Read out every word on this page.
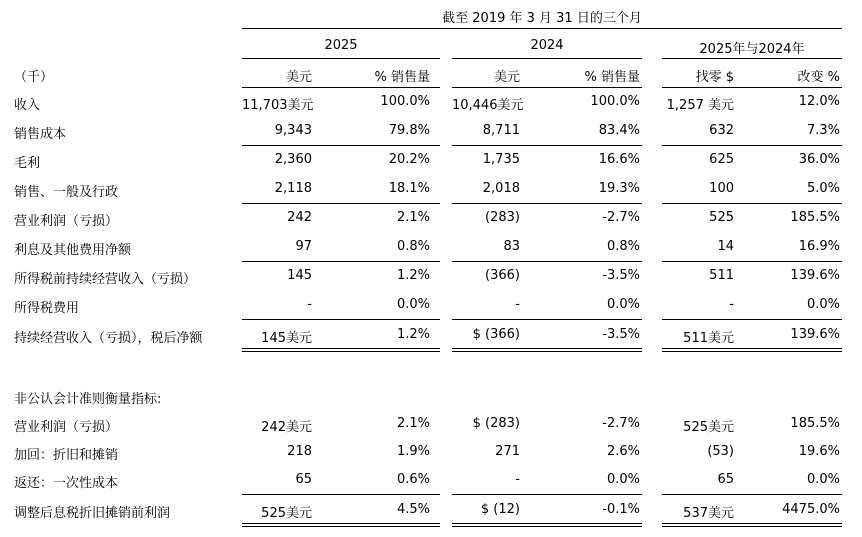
截至 2019 年 3 月 31 日的三个月
2025	2024	2025年与2024年
（千）	美元	% 销售量	美元	% 销售量	找零 $	改变 %
收入	11,703美元	100.0% 10,446美元	100.0%	1,257 美元	12.0%
销售成本	9,343	79.8%	8,711	83.4%	632	7.3%
毛利	2,360	20.2%	1,735	16.6%	625	36.0%
销售、一般及行政	2,118	18.1%	2,018	19.3%	100	5.0%
营业利润（亏损）	242	2.1%	(283)	-2.7%	525	185.5%
利息及其他费用净额	97	0.8%	83	0.8%	14	16.9%
所得税前持续经营收入（亏损）	145	1.2%	(366)	-3.5%	511	139.6%
所得税费用	-	0.0%	-	0.0%	-	0.0%
持续经营收入（亏损），税后净额	145美元	1.2%	$ (366)	-3.5%	511美元	139.6%
营业利润（亏损）	242美元	2.1%	$ (283)	-2.7%	525美元	185.5%
加回：折旧和摊销	218	1.9%	271	2.6%	(53)	19.6%
返还：一次性成本	65	0.6%	-	0.0%	65	0.0%
调整后息税折旧摊销前利润	525美元	4.5%	$ (12)	-0.1%	537美元	4475.0%
非公认会计准则衡量指标:
